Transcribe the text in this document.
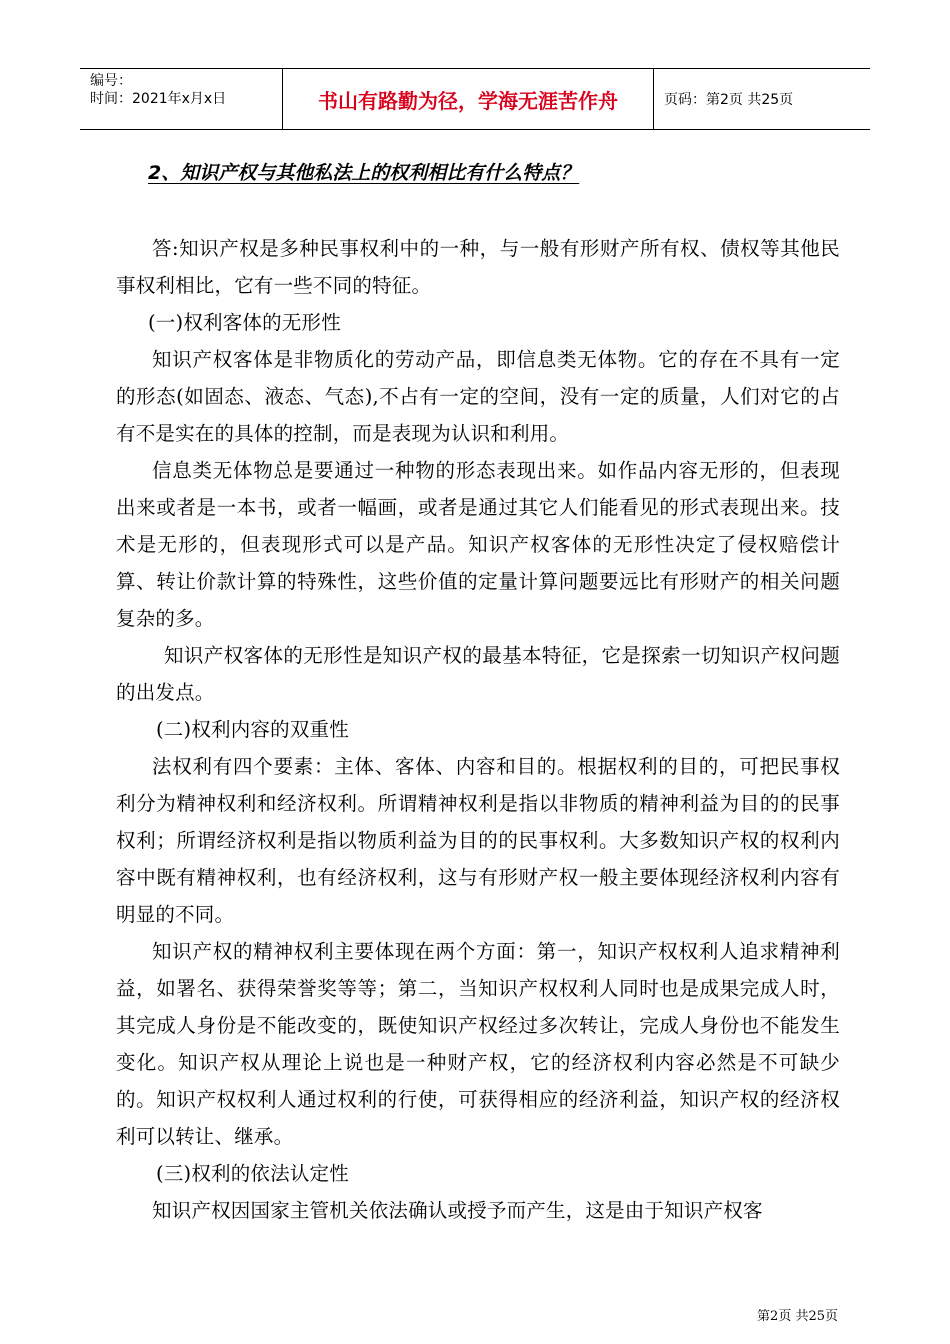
编号：
时间：2021年x月x日	书山有路勤为径，学海无涯苦作舟	页码：第2页 共25页
2、知识产权与其他私法上的权利相比有什么特点？

答:知识产权是多种民事权利中的一种，与一般有形财产所有权、债权等其他民事权利相比，它有一些不同的特征。

(一)权利客体的无形性

知识产权客体是非物质化的劳动产品，即信息类无体物。它的存在不具有一定的形态(如固态、液态、气态),不占有一定的空间，没有一定的质量，人们对它的占有不是实在的具体的控制，而是表现为认识和利用。

信息类无体物总是要通过一种物的形态表现出来。如作品内容无形的，但表现出来或者是一本书，或者一幅画，或者是通过其它人们能看见的形式表现出来。技术是无形的，但表现形式可以是产品。知识产权客体的无形性决定了侵权赔偿计算、转让价款计算的特殊性，这些价值的定量计算问题要远比有形财产的相关问题复杂的多。

知识产权客体的无形性是知识产权的最基本特征，它是探索一切知识产权问题的出发点。

(二)权利内容的双重性

法权利有四个要素：主体、客体、内容和目的。根据权利的目的，可把民事权利分为精神权利和经济权利。所谓精神权利是指以非物质的精神利益为目的的民事权利；所谓经济权利是指以物质利益为目的的民事权利。大多数知识产权的权利内容中既有精神权利，也有经济权利，这与有形财产权一般主要体现经济权利内容有明显的不同。

知识产权的精神权利主要体现在两个方面：第一，知识产权权利人追求精神利益，如署名、获得荣誉奖等等；第二，当知识产权权利人同时也是成果完成人时，其完成人身份是不能改变的，既使知识产权经过多次转让，完成人身份也不能发生变化。知识产权从理论上说也是一种财产权，它的经济权利内容必然是不可缺少的。知识产权权利人通过权利的行使，可获得相应的经济利益，知识产权的经济权利可以转让、继承。

(三)权利的依法认定性

知识产权因国家主管机关依法确认或授予而产生，这是由于知识产权客

第2页 共25页
